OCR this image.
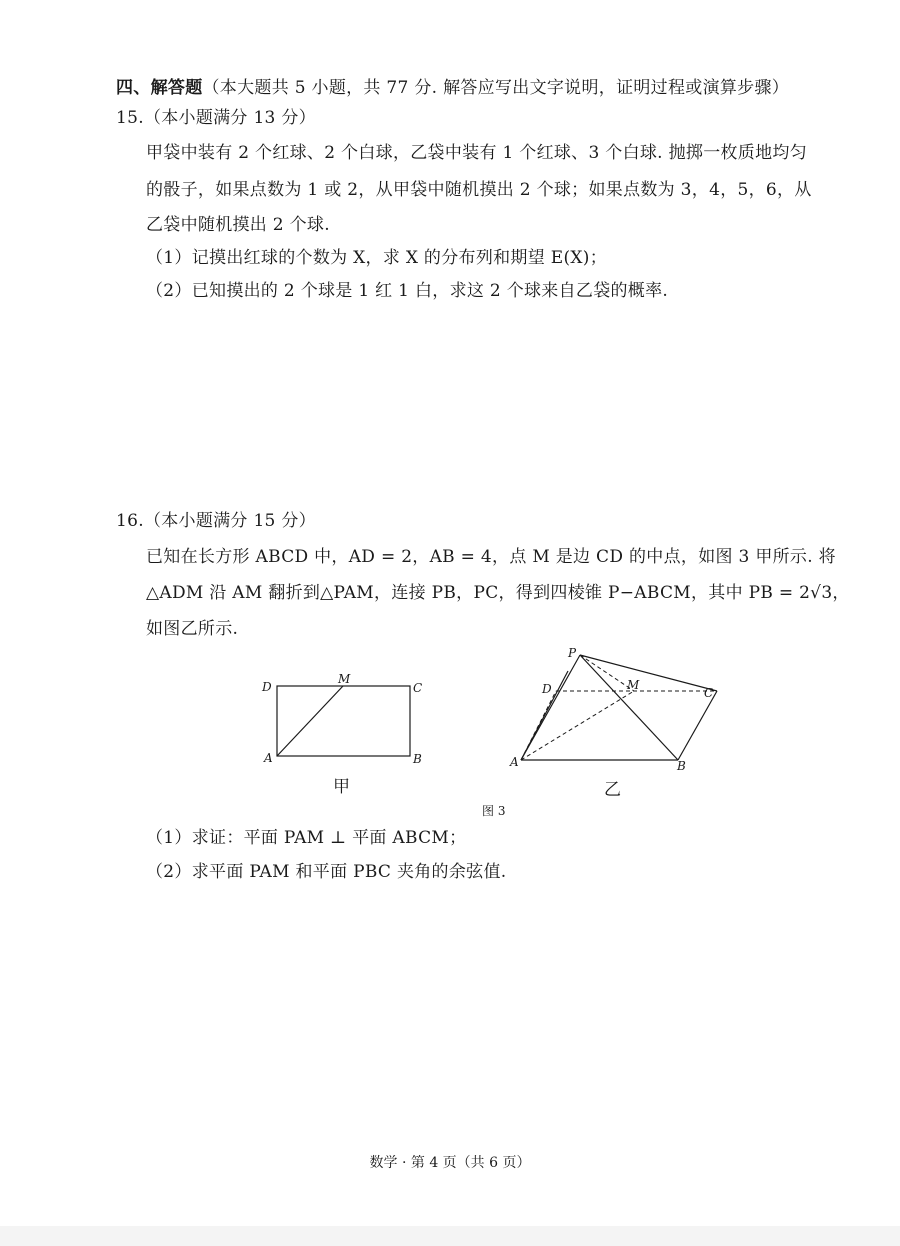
四、解答题（本大题共 5 小题，共 77 分. 解答应写出文字说明，证明过程或演算步骤）
15.（本小题满分 13 分）
甲袋中装有 2 个红球、2 个白球，乙袋中装有 1 个红球、3 个白球. 抛掷一枚质地均匀
的骰子，如果点数为 1 或 2，从甲袋中随机摸出 2 个球；如果点数为 3，4，5，6，从
乙袋中随机摸出 2 个球.
（1）记摸出红球的个数为 X，求 X 的分布列和期望 E(X)；
（2）已知摸出的 2 个球是 1 红 1 白，求这 2 个球来自乙袋的概率.
16.（本小题满分 15 分）
已知在长方形 ABCD 中，AD = 2，AB = 4，点 M 是边 CD 的中点，如图 3 甲所示. 将
△ADM 沿 AM 翻折到△PAM，连接 PB，PC，得到四棱锥 P−ABCM，其中 PB = 2√3，
如图乙所示.
D
M
C
A	B
P
D	M
C
A	B
甲	乙
图 3
（1）求证：平面 PAM ⊥ 平面 ABCM；
（2）求平面 PAM 和平面 PBC 夹角的余弦值.
数学 · 第 4 页（共 6 页）
